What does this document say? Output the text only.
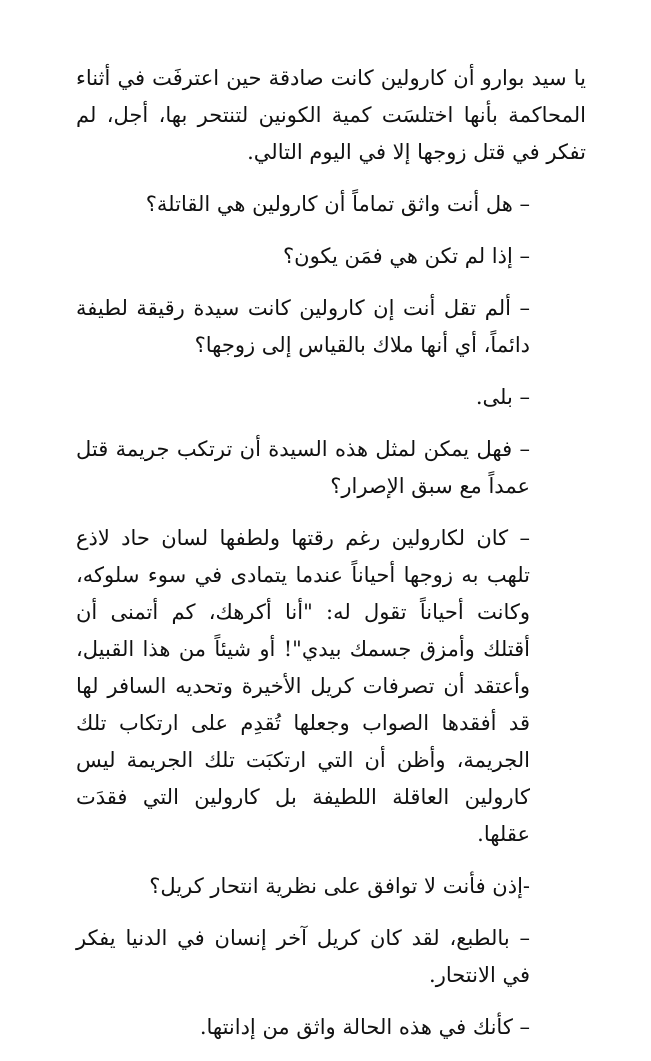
يا سيد بوارو أن كارولين كانت صادقة حين اعترفَت في أثناء المحاكمة بأنها اختلسَت كمية الكونين لتنتحر بها، أجل، لم تفكر في قتل زوجها إلا في اليوم التالي.

– هل أنت واثق تماماً أن كارولين هي القاتلة؟

– إذا لم تكن هي فمَن يكون؟

– ألم تقل أنت إن كارولين كانت سيدة رقيقة لطيفة دائماً، أي أنها ملاك بالقياس إلى زوجها؟

– بلى.

– فهل يمكن لمثل هذه السيدة أن ترتكب جريمة قتل عمداً مع سبق الإصرار؟

– كان لكارولين رغم رقتها ولطفها لسان حاد لاذع تلهب به زوجها أحياناً عندما يتمادى في سوء سلوكه، وكانت أحياناً تقول له: "أنا أكرهك، كم أتمنى أن أقتلك وأمزق جسمك بيدي"! أو شيئاً من هذا القبيل، وأعتقد أن تصرفات كريل الأخيرة وتحديه السافر لها قد أفقدها الصواب وجعلها تُقدِم على ارتكاب تلك الجريمة، وأظن أن التي ارتكبَت تلك الجريمة ليس كارولين العاقلة اللطيفة بل كارولين التي فقدَت عقلها.

-إذن فأنت لا توافق على نظرية انتحار كريل؟

– بالطبع، لقد كان كريل آخر إنسان في الدنيا يفكر في الانتحار.

– كأنك في هذه الحالة واثق من إدانتها.
